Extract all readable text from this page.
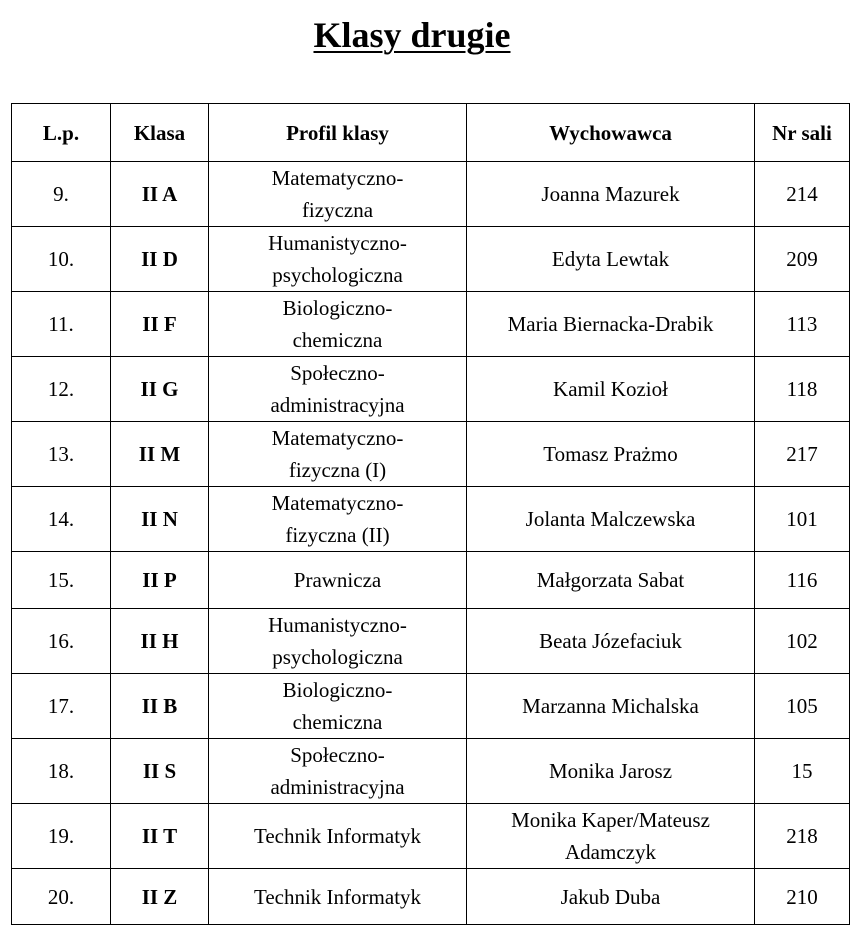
Klasy drugie
L.p.	Klasa	Profil klasy	Wychowawca	Nr sali
9.	II A	Matematyczno-fizyczna	Joanna Mazurek	214
10.	II D	Humanistyczno-psychologiczna	Edyta Lewtak	209
11.	II F	Biologiczno-chemiczna	Maria Biernacka-Drabik	113
12.	II G	Społeczno-administracyjna	Kamil Kozioł	118
13.	II M	Matematyczno-fizyczna (I)	Tomasz Prażmo	217
14.	II N	Matematyczno-fizyczna (II)	Jolanta Malczewska	101
15.	II P	Prawnicza	Małgorzata Sabat	116
16.	II H	Humanistyczno-psychologiczna	Beata Józefaciuk	102
17.	II B	Biologiczno-chemiczna	Marzanna Michalska	105
18.	II S	Społeczno-administracyjna	Monika Jarosz	15
19.	II T	Technik Informatyk	Monika Kaper/Mateusz Adamczyk	218
20.	II Z	Technik Informatyk	Jakub Duba	210
